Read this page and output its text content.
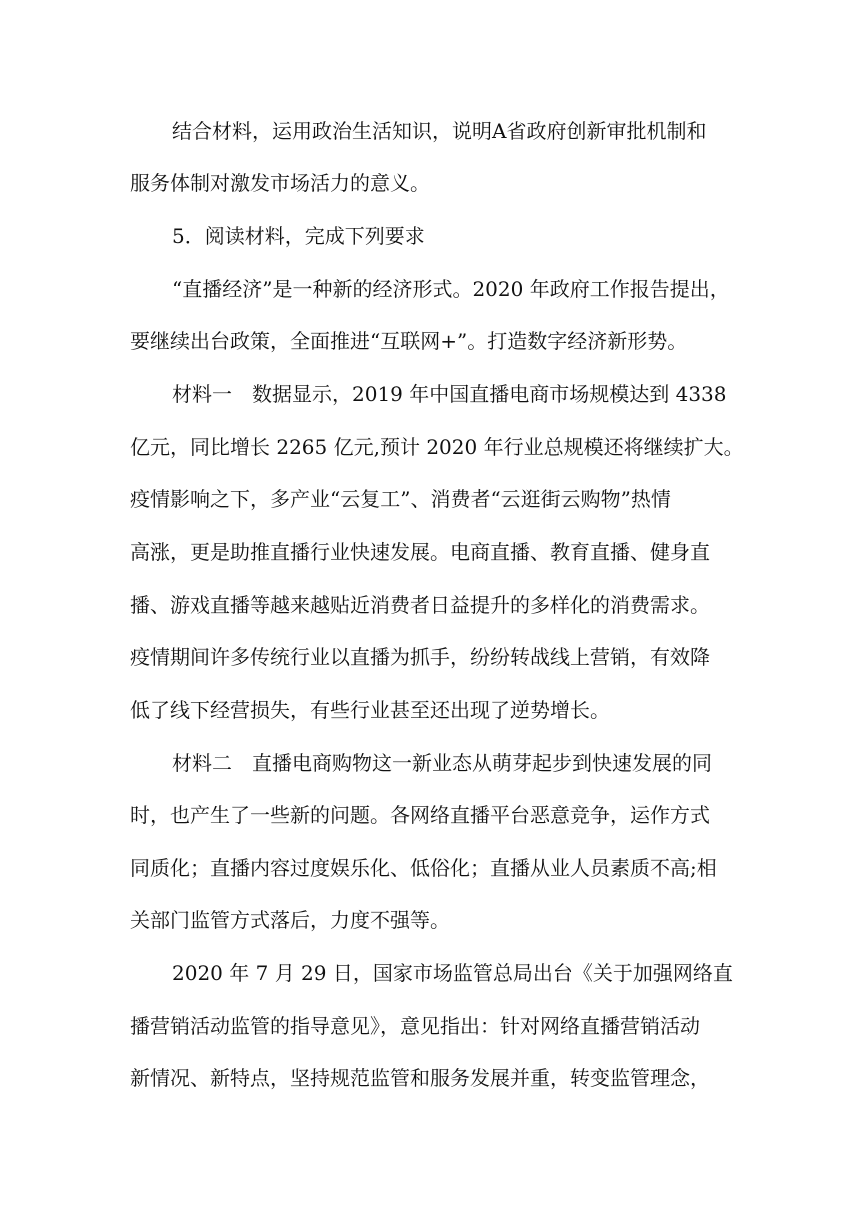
结合材料，运用政治生活知识，说明A省政府创新审批机制和
服务体制对激发市场活力的意义。
5．阅读材料，完成下列要求
“直播经济”是一种新的经济形式。2020 年政府工作报告提出，
要继续出台政策，全面推进“互联网+”。打造数字经济新形势。
材料一　数据显示，2019 年中国直播电商市场规模达到 4338
亿元，同比增长 2265 亿元,预计 2020 年行业总规模还将继续扩大。
疫情影响之下，多产业“云复工”、消费者“云逛街云购物”热情
高涨，更是助推直播行业快速发展。电商直播、教育直播、健身直
播、游戏直播等越来越贴近消费者日益提升的多样化的消费需求。
疫情期间许多传统行业以直播为抓手，纷纷转战线上营销，有效降
低了线下经营损失，有些行业甚至还出现了逆势增长。
材料二　直播电商购物这一新业态从萌芽起步到快速发展的同
时，也产生了一些新的问题。各网络直播平台恶意竞争，运作方式
同质化；直播内容过度娱乐化、低俗化；直播从业人员素质不高;相
关部门监管方式落后，力度不强等。
2020 年 7 月 29 日，国家市场监管总局出台《关于加强网络直
播营销活动监管的指导意见》，意见指出：针对网络直播营销活动
新情况、新特点，坚持规范监管和服务发展并重，转变监管理念，
